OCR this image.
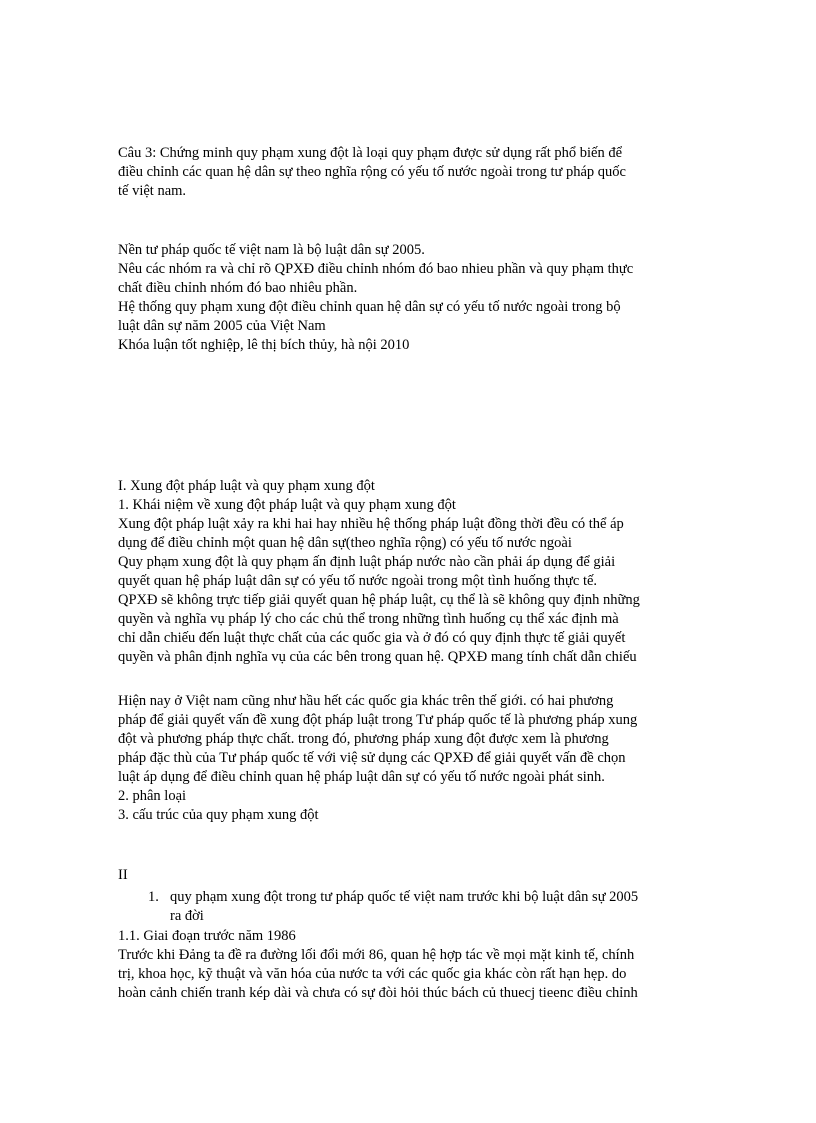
Câu 3: Chứng minh quy phạm xung đột là loại quy phạm được sử dụng rất phổ biến để
điều chỉnh các quan hệ dân sự theo nghĩa rộng có yếu tố nước ngoài trong tư pháp quốc
tế việt nam.
Nền tư pháp quốc tế việt nam là bộ luật dân sự 2005.
Nêu các nhóm ra và chỉ rõ QPXĐ điều chỉnh nhóm đó bao nhieu phần và quy phạm thực
chất điều chỉnh nhóm đó bao nhiêu phần.
Hệ thống quy phạm xung đột điều chỉnh quan hệ dân sự có yếu tố nước ngoài trong bộ
luật dân sự năm 2005 của Việt Nam
Khóa luận tốt nghiệp, lê thị bích thủy, hà nội 2010
I. Xung đột pháp luật và quy phạm xung đột
1. Khái niệm về xung đột pháp luật và quy phạm xung đột
Xung đột pháp luật xảy ra khi hai hay nhiều hệ thống pháp luật đồng thời đều có thể áp
dụng để điều chỉnh một quan hệ dân sự(theo nghĩa rộng) có yếu tố nước ngoài
Quy phạm xung đột là quy phạm ấn định luật pháp nước nào cần phải áp dụng để giải
quyết quan hệ pháp luật dân sự có yếu tố nước ngoài trong một tình huống thực tế.
QPXĐ sẽ không trực tiếp giải quyết quan hệ pháp luật, cụ thể là sẽ không quy định những
quyền và nghĩa vụ pháp lý cho các chủ thể trong những tình huống cụ thể xác định mà
chỉ dẫn chiếu đến luật thực chất của các quốc gia và ở đó có quy định thực tế giải quyết
quyền và phân định nghĩa vụ của các bên trong quan hệ. QPXĐ mang tính chất dẫn chiếu
Hiện nay ở Việt nam cũng như hầu hết các quốc gia khác trên thế giới. có hai phương
pháp để giải quyết vấn đề xung đột pháp luật trong Tư pháp quốc tế là phương pháp xung
đột và phương pháp thực chất. trong đó, phương pháp xung đột được xem là phương
pháp đặc thù của Tư pháp quốc tế với việ sử dụng các QPXĐ để giải quyết vấn đề chọn
luật áp dụng để điều chỉnh quan hệ pháp luật dân sự có yếu tố nước ngoài phát sinh.
2. phân loại
3. cấu trúc của quy phạm xung đột
II
1. quy phạm xung đột trong tư pháp quốc tế việt nam trước khi bộ luật dân sự 2005
ra đời
1.1. Giai đoạn trước năm 1986
Trước khi Đảng ta đề ra đường lối đổi mới 86, quan hệ hợp tác về mọi mặt kinh tế, chính
trị, khoa học, kỹ thuật và văn hóa của nước ta với các quốc gia khác còn rất hạn hẹp. do
hoàn cảnh chiến tranh kép dài và chưa có sự đòi hỏi thúc bách củ thuecj tieenc điều chỉnh
